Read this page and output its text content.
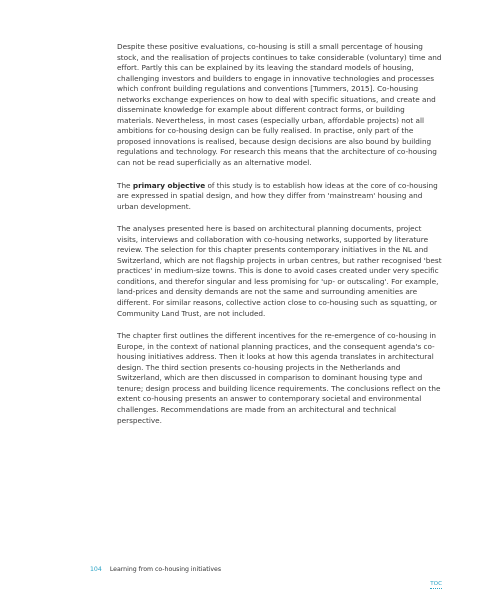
Despite these positive evaluations, co-housing is still a small percentage of housing stock, and the realisation of projects continues to take considerable (voluntary) time and effort. Partly this can be explained by its leaving the standard models of housing, challenging investors and builders to engage in innovative technologies and processes which confront building regulations and conventions [Tummers, 2015]. Co-housing networks exchange experiences on how to deal with specific situations, and create and disseminate knowledge for example about different contract forms, or building materials. Nevertheless, in most cases (especially urban, affordable projects) not all ambitions for co-housing design can be fully realised. In practise, only part of the proposed innovations is realised, because design decisions are also bound by building regulations and technology. For research this means that the architecture of co-housing can not be read superficially as an alternative model.

The primary objective of this study is to establish how ideas at the core of co-housing are expressed in spatial design, and how they differ from 'mainstream' housing and urban development.

The analyses presented here is based on architectural planning documents, project visits, interviews and collaboration with co-housing networks, supported by literature review. The selection for this chapter presents contemporary initiatives in the NL and Switzerland, which are not flagship projects in urban centres, but rather recognised 'best practices' in medium-size towns. This is done to avoid cases created under very specific conditions, and therefor singular and less promising for 'up- or outscaling'. For example, land-prices and density demands are not the same and surrounding amenities are different. For similar reasons, collective action close to co-housing such as squatting, or Community Land Trust, are not included.

The chapter first outlines the different incentives for the re-emergence of co-housing in Europe, in the context of national planning practices, and the consequent agenda's co-housing initiatives address. Then it looks at how this agenda translates in architectural design. The third section presents co-housing projects in the Netherlands and Switzerland, which are then discussed in comparison to dominant housing type and tenure; design process and building licence requirements. The conclusions reflect on the extent co-housing presents an answer to contemporary societal and environmental challenges. Recommendations are made from an architectural and technical perspective.

104 Learning from co-housing initiatives
TOC
